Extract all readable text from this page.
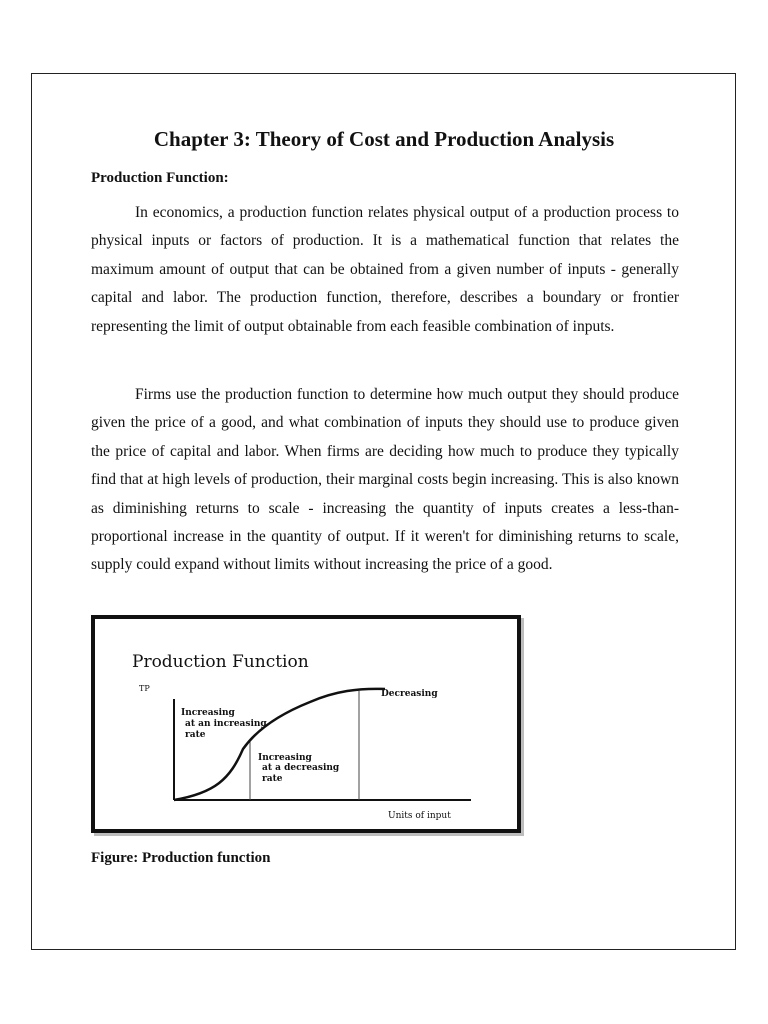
Chapter 3: Theory of Cost and Production Analysis
Production Function:

In economics, a production function relates physical output of a production process to physical inputs or factors of production. It is a mathematical function that relates the maximum amount of output that can be obtained from a given number of inputs - generally capital and labor. The production function, therefore, describes a boundary or frontier representing the limit of output obtainable from each feasible combination of inputs.

Firms use the production function to determine how much output they should produce given the price of a good, and what combination of inputs they should use to produce given the price of capital and labor. When firms are deciding how much to produce they typically find that at high levels of production, their marginal costs begin increasing. This is also known as diminishing returns to scale - increasing the quantity of inputs creates a less-than-proportional increase in the quantity of output. If it weren't for diminishing returns to scale, supply could expand without limits without increasing the price of a good.

Production Function
TP
Units of input
Increasing at an increasing rate
Increasing at a decreasing rate
Decreasing

Figure: Production function
